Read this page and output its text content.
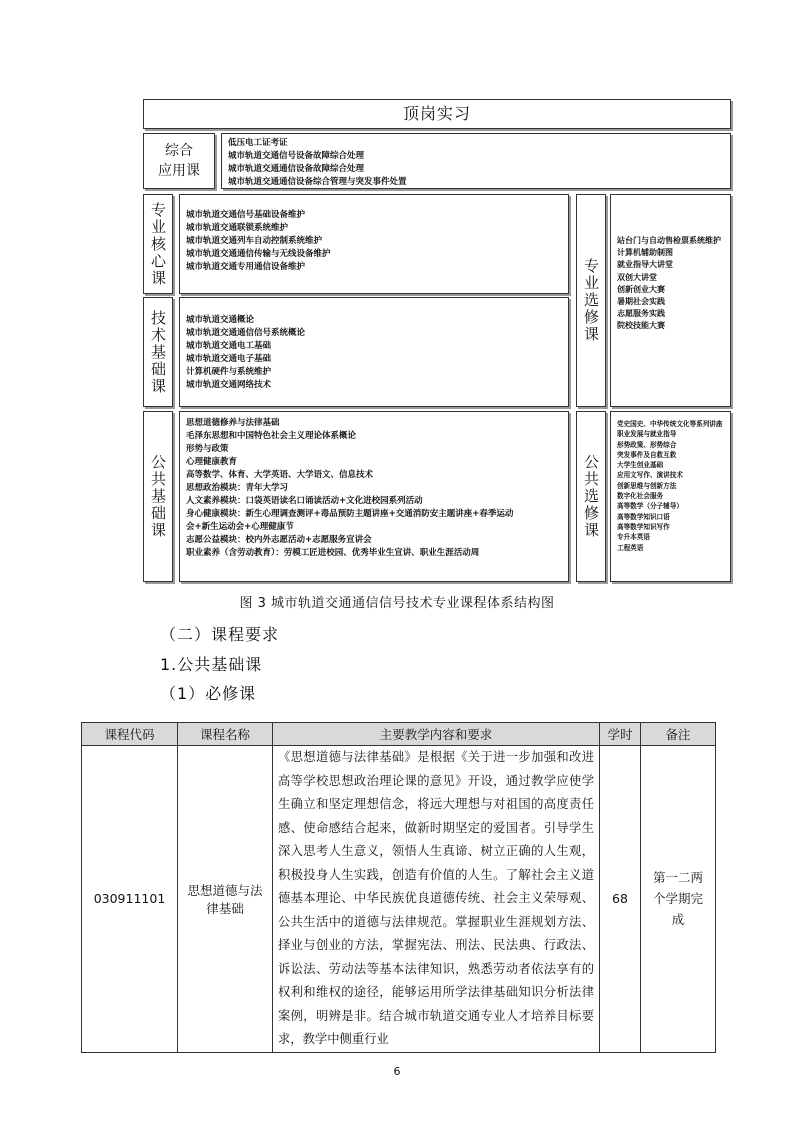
顶岗实习
综合
应用课
低压电工证考证
城市轨道交通信号设备故障综合处理
城市轨道交通通信设备故障综合处理
城市轨道交通通信设备综合管理与突发事件处置
专业核心课 城市轨道交通信号基础设备维护
城市轨道交通联锁系统维护
城市轨道交通列车自动控制系统维护
城市轨道交通通信传输与无线设备维护
城市轨道交通专用通信设备维护
技术基础课 城市轨道交通概论
城市轨道交通通信信号系统概论
城市轨道交通电工基础
城市轨道交通电子基础
计算机硬件与系统维护
城市轨道交通网络技术
专业选修课
站台门与自动售检票系统维护
计算机辅助制图
就业指导大讲堂
双创大讲堂
创新创业大赛
暑期社会实践
志愿服务实践
院校技能大赛
公共基础课
思想道德修养与法律基础
毛泽东思想和中国特色社会主义理论体系概论
形势与政策
心理健康教育
高等数学、体育、大学英语、大学语文、信息技术
思想政治模块：青年大学习
人文素养模块：口袋英语读名口诵读活动+文化进校园系列活动
身心健康模块：新生心理调查测评+毒品预防主题讲座+交通消防安主题讲座+春季运动
会+新生运动会+心理健康节
志愿公益模块：校内外志愿活动+志愿服务宣讲会
职业素养（含劳动教育）：劳模工匠进校园、优秀毕业生宣讲、职业生涯活动周
公共选修课
党史国史、中华传统文化等系列讲座
职业发展与就业指导
形势政策、形势综合
突发事件及自救互救
大学生创业基础
应用文写作、演讲技术
创新思维与创新方法
数字化社会服务
高等数学（分子辅导）
高等数学知识口语
高等数学知识写作
专升本英语
工程英语
图 3 城市轨道交通通信信号技术专业课程体系结构图
（二）课程要求
1.公共基础课
（1）必修课
课程代码	课程名称	主要教学内容和要求	学时	备注
030911101	思想道德与法律基础	《思想道德与法律基础》是根据《关于进一步加强和改进高等学校思想政治理论课的意见》开设，通过教学应使学生确立和坚定理想信念，将远大理想与对祖国的高度责任感、使命感结合起来，做新时期坚定的爱国者。引导学生深入思考人生意义，领悟人生真谛、树立正确的人生观，积极投身人生实践，创造有价值的人生。了解社会主义道德基本理论、中华民族优良道德传统、社会主义荣辱观、公共生活中的道德与法律规范。掌握职业生涯规划方法、择业与创业的方法，掌握宪法、刑法、民法典、行政法、诉讼法、劳动法等基本法律知识，熟悉劳动者依法享有的权利和维权的途径，能够运用所学法律基础知识分析法律案例，明辨是非。结合城市轨道交通专业人才培养目标要求，教学中侧重行业	68	第一二两个学期完成
6
